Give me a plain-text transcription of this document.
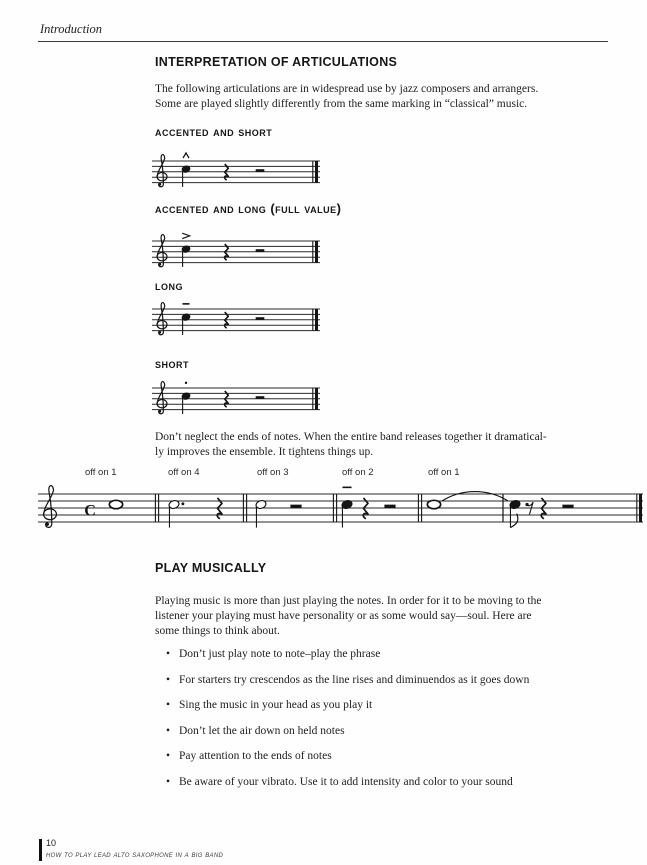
Introduction
INTERPRETATION OF ARTICULATIONS
The following articulations are in widespread use by jazz composers and arrangers.
Some are played slightly differently from the same marking in “classical” music.
accented and short
accented and long (full value)
long
short
Don’t neglect the ends of notes. When the entire band releases together it dramatical-
ly improves the ensemble. It tightens things up.
off on 1	off on 4	off on 3	off on 2	off on 1
C
PLAY MUSICALLY
Playing music is more than just playing the notes. In order for it to be moving to the
listener your playing must have personality or as some would say—soul. Here are
some things to think about.
• Don’t just play note to note–play the phrase
• For starters try crescendos as the line rises and diminuendos as it goes down
• Sing the music in your head as you play it
• Don’t let the air down on held notes
• Pay attention to the ends of notes
• Be aware of your vibrato. Use it to add intensity and color to your sound
10
how to play lead alto saxophone in a big band
